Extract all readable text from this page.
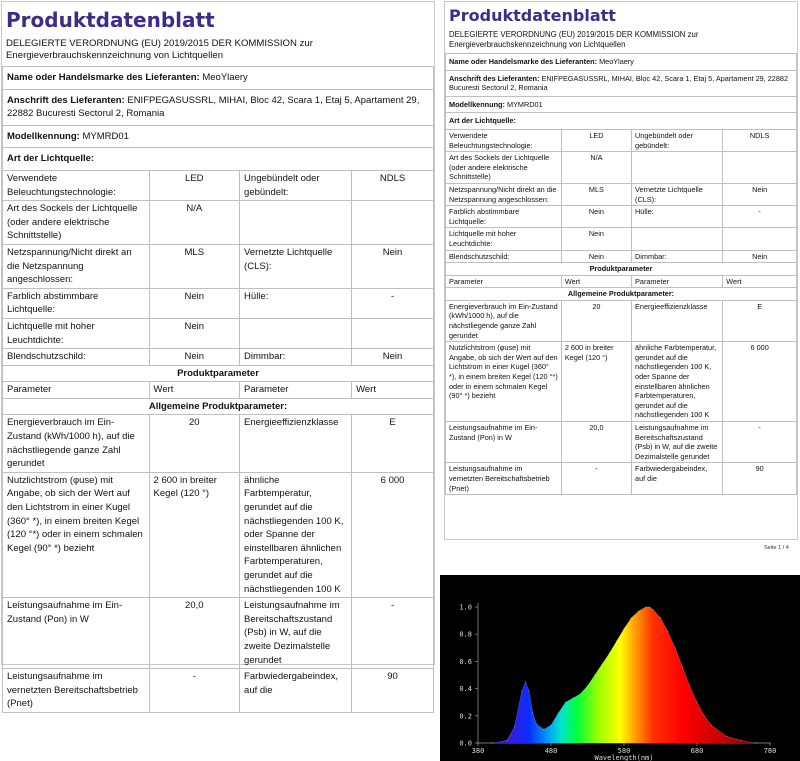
Produktdatenblatt
DELEGIERTE VERORDNUNG (EU) 2019/2015 DER KOMMISSION zur Energieverbrauchskennzeichnung von Lichtquellen
Name oder Handelsmarke des Lieferanten: MeoYlaery			
Anschrift des Lieferanten: ENIFPEGASUSSRL, MIHAI, Bloc 42, Scara 1, Etaj 5, Apartament 29, 22882 Bucuresti Sectorul 2, Romania			
Modellkennung: MYMRD01			
Art der Lichtquelle:			
Verwendete Beleuchtungstechnologie:	LED	Ungebündelt oder gebündelt:	NDLS
Art des Sockels der Lichtquelle (oder andere elektrische Schnittstelle)	N/A		
Netzspannung/Nicht direkt an die Netzspannung angeschlossen:	MLS	Vernetzte Lichtquelle (CLS):	Nein
Farblich abstimmbare Lichtquelle:	Nein	Hülle:	-
Lichtquelle mit hoher Leuchtdichte:	Nein		
Blendschutzschild:	Nein	Dimmbar:	Nein
Produktparameter			
Parameter	Wert	Parameter	Wert
Allgemeine Produktparameter:			
Energieverbrauch im Ein-Zustand (kWh/1000 h), auf die nächstliegende ganze Zahl gerundet	20	Energieeffizienzklasse	E
Nutzlichtstrom (φuse) mit Angabe, ob sich der Wert auf den Lichtstrom in einer Kugel (360° *), in einem breiten Kegel (120 °*) oder in einem schmalen Kegel (90° *) bezieht	2 600 in breiter Kegel (120 °)	ähnliche Farbtemperatur, gerundet auf die nächstliegenden 100 K, oder Spanne der einstellbaren ähnlichen Farbtemperaturen, gerundet auf die nächstliegenden 100 K	6 000
Leistungsaufnahme im Ein-Zustand (Pon) in W	20,0	Leistungsaufnahme im Bereitschaftszustand (Psb) in W, auf die zweite Dezimalstelle gerundet	-
Leistungsaufnahme im vernetzten Bereitschaftsbetrieb (Pnet)	-	Farbwiedergabeindex, auf die	90
Produktdatenblatt
DELEGIERTE VERORDNUNG (EU) 2019/2015 DER KOMMISSION zur Energieverbrauchskennzeichnung von Lichtquellen
Name oder Handelsmarke des Lieferanten: MeoYlaery			
Anschrift des Lieferanten: ENIFPEGASUSSRL, MIHAI, Bloc 42, Scara 1, Etaj 5, Apartament 29, 22882 Bucuresti Sectorul 2, Romania			
Modellkennung: MYMRD01			
Art der Lichtquelle:			
Verwendete Beleuchtungstechnologie:	LED	Ungebündelt oder gebündelt:	NDLS
Art des Sockels der Lichtquelle (oder andere elektrische Schnittstelle)	N/A		
Netzspannung/Nicht direkt an die Netzspannung angeschlossen:	MLS	Vernetzte Lichtquelle (CLS):	Nein
Farblich abstimmbare Lichtquelle:	Nein	Hülle:	-
Lichtquelle mit hoher Leuchtdichte:	Nein		
Blendschutzschild:	Nein	Dimmbar:	Nein
Produktparameter			
Parameter	Wert	Parameter	Wert
Allgemeine Produktparameter:			
Energieverbrauch im Ein-Zustand (kWh/1000 h), auf die nächstliegende ganze Zahl gerundet	20	Energieeffizienzklasse	E
Nutzlichtstrom (φuse) mit Angabe, ob sich der Wert auf den Lichtstrom in einer Kugel (360° *), in einem breiten Kegel (120 °*) oder in einem schmalen Kegel (90° *) bezieht	2 600 in breiter Kegel (120 °)	ähnliche Farbtemperatur, gerundet auf die nächstliegenden 100 K, oder Spanne der einstellbaren ähnlichen Farbtemperaturen, gerundet auf die nächstliegenden 100 K	6 000
Leistungsaufnahme im Ein-Zustand (Pon) in W	20,0	Leistungsaufnahme im Bereitschaftszustand (Psb) in W, auf die zweite Dezimalstelle gerundet	-
Leistungsaufnahme im vernetzten Bereitschaftsbetrieb (Pnet)	-	Farbwiedergabeindex, auf die	90
Seite 1 / 4
0.0
0.2
0.4
0.6
0.8
1.0
380	480	580	680	780
Wavelength(nm)
